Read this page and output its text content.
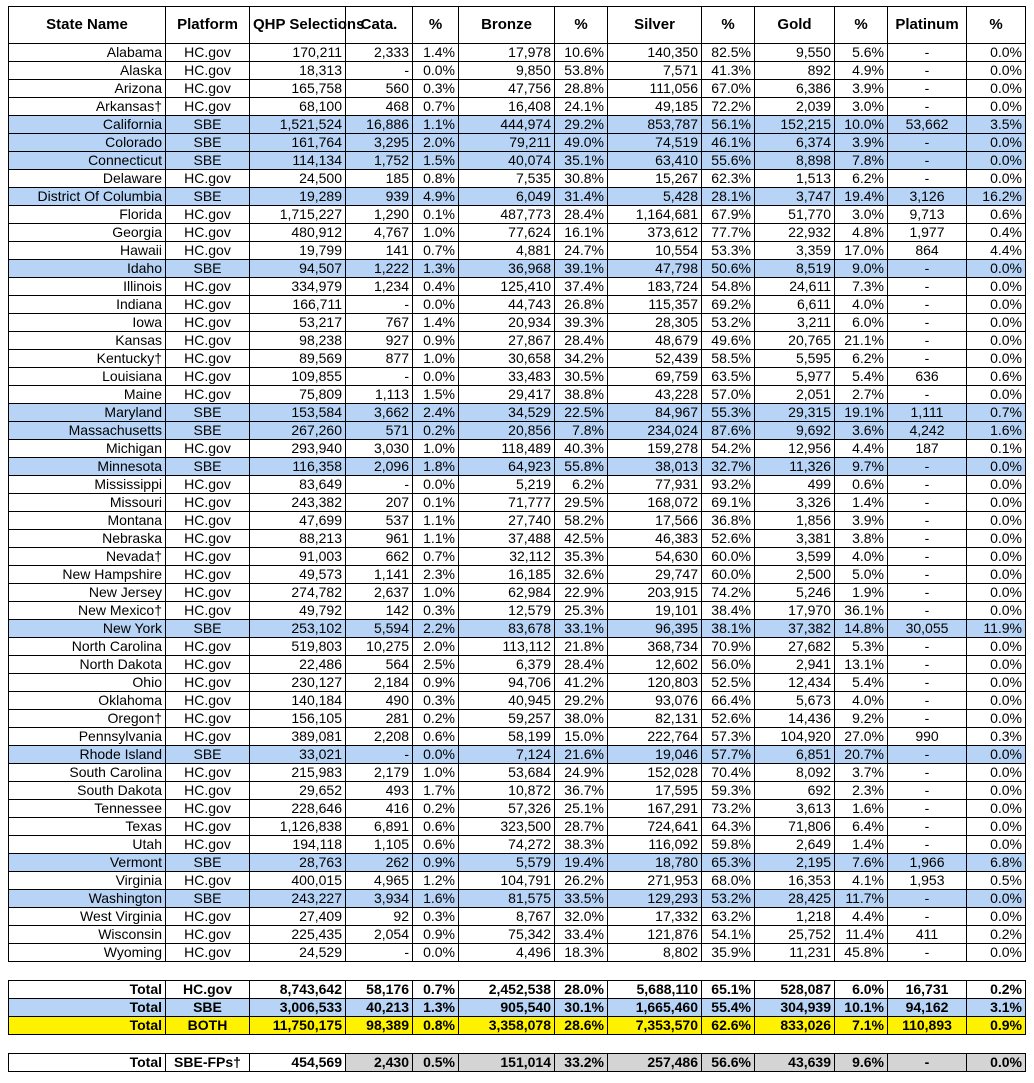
State Name	Platform	QHP Selections	Cata.	%	Bronze	%	Silver	%	Gold	%	Platinum	%
Alabama	HC.gov	170,211	2,333	1.4%	17,978	10.6%	140,350	82.5%	9,550	5.6%	-	0.0%
Alaska	HC.gov	18,313	-	0.0%	9,850	53.8%	7,571	41.3%	892	4.9%	-	0.0%
Arizona	HC.gov	165,758	560	0.3%	47,756	28.8%	111,056	67.0%	6,386	3.9%	-	0.0%
Arkansas†	HC.gov	68,100	468	0.7%	16,408	24.1%	49,185	72.2%	2,039	3.0%	-	0.0%
California	SBE	1,521,524	16,886	1.1%	444,974	29.2%	853,787	56.1%	152,215	10.0%	53,662	3.5%
Colorado	SBE	161,764	3,295	2.0%	79,211	49.0%	74,519	46.1%	6,374	3.9%	-	0.0%
Connecticut	SBE	114,134	1,752	1.5%	40,074	35.1%	63,410	55.6%	8,898	7.8%	-	0.0%
Delaware	HC.gov	24,500	185	0.8%	7,535	30.8%	15,267	62.3%	1,513	6.2%	-	0.0%
District Of Columbia	SBE	19,289	939	4.9%	6,049	31.4%	5,428	28.1%	3,747	19.4%	3,126	16.2%
Florida	HC.gov	1,715,227	1,290	0.1%	487,773	28.4%	1,164,681	67.9%	51,770	3.0%	9,713	0.6%
Georgia	HC.gov	480,912	4,767	1.0%	77,624	16.1%	373,612	77.7%	22,932	4.8%	1,977	0.4%
Hawaii	HC.gov	19,799	141	0.7%	4,881	24.7%	10,554	53.3%	3,359	17.0%	864	4.4%
Idaho	SBE	94,507	1,222	1.3%	36,968	39.1%	47,798	50.6%	8,519	9.0%	-	0.0%
Illinois	HC.gov	334,979	1,234	0.4%	125,410	37.4%	183,724	54.8%	24,611	7.3%	-	0.0%
Indiana	HC.gov	166,711	-	0.0%	44,743	26.8%	115,357	69.2%	6,611	4.0%	-	0.0%
Iowa	HC.gov	53,217	767	1.4%	20,934	39.3%	28,305	53.2%	3,211	6.0%	-	0.0%
Kansas	HC.gov	98,238	927	0.9%	27,867	28.4%	48,679	49.6%	20,765	21.1%	-	0.0%
Kentucky†	HC.gov	89,569	877	1.0%	30,658	34.2%	52,439	58.5%	5,595	6.2%	-	0.0%
Louisiana	HC.gov	109,855	-	0.0%	33,483	30.5%	69,759	63.5%	5,977	5.4%	636	0.6%
Maine	HC.gov	75,809	1,113	1.5%	29,417	38.8%	43,228	57.0%	2,051	2.7%	-	0.0%
Maryland	SBE	153,584	3,662	2.4%	34,529	22.5%	84,967	55.3%	29,315	19.1%	1,111	0.7%
Massachusetts	SBE	267,260	571	0.2%	20,856	7.8%	234,024	87.6%	9,692	3.6%	4,242	1.6%
Michigan	HC.gov	293,940	3,030	1.0%	118,489	40.3%	159,278	54.2%	12,956	4.4%	187	0.1%
Minnesota	SBE	116,358	2,096	1.8%	64,923	55.8%	38,013	32.7%	11,326	9.7%	-	0.0%
Mississippi	HC.gov	83,649	-	0.0%	5,219	6.2%	77,931	93.2%	499	0.6%	-	0.0%
Missouri	HC.gov	243,382	207	0.1%	71,777	29.5%	168,072	69.1%	3,326	1.4%	-	0.0%
Montana	HC.gov	47,699	537	1.1%	27,740	58.2%	17,566	36.8%	1,856	3.9%	-	0.0%
Nebraska	HC.gov	88,213	961	1.1%	37,488	42.5%	46,383	52.6%	3,381	3.8%	-	0.0%
Nevada†	HC.gov	91,003	662	0.7%	32,112	35.3%	54,630	60.0%	3,599	4.0%	-	0.0%
New Hampshire	HC.gov	49,573	1,141	2.3%	16,185	32.6%	29,747	60.0%	2,500	5.0%	-	0.0%
New Jersey	HC.gov	274,782	2,637	1.0%	62,984	22.9%	203,915	74.2%	5,246	1.9%	-	0.0%
New Mexico†	HC.gov	49,792	142	0.3%	12,579	25.3%	19,101	38.4%	17,970	36.1%	-	0.0%
New York	SBE	253,102	5,594	2.2%	83,678	33.1%	96,395	38.1%	37,382	14.8%	30,055	11.9%
North Carolina	HC.gov	519,803	10,275	2.0%	113,112	21.8%	368,734	70.9%	27,682	5.3%	-	0.0%
North Dakota	HC.gov	22,486	564	2.5%	6,379	28.4%	12,602	56.0%	2,941	13.1%	-	0.0%
Ohio	HC.gov	230,127	2,184	0.9%	94,706	41.2%	120,803	52.5%	12,434	5.4%	-	0.0%
Oklahoma	HC.gov	140,184	490	0.3%	40,945	29.2%	93,076	66.4%	5,673	4.0%	-	0.0%
Oregon†	HC.gov	156,105	281	0.2%	59,257	38.0%	82,131	52.6%	14,436	9.2%	-	0.0%
Pennsylvania	HC.gov	389,081	2,208	0.6%	58,199	15.0%	222,764	57.3%	104,920	27.0%	990	0.3%
Rhode Island	SBE	33,021	-	0.0%	7,124	21.6%	19,046	57.7%	6,851	20.7%	-	0.0%
South Carolina	HC.gov	215,983	2,179	1.0%	53,684	24.9%	152,028	70.4%	8,092	3.7%	-	0.0%
South Dakota	HC.gov	29,652	493	1.7%	10,872	36.7%	17,595	59.3%	692	2.3%	-	0.0%
Tennessee	HC.gov	228,646	416	0.2%	57,326	25.1%	167,291	73.2%	3,613	1.6%	-	0.0%
Texas	HC.gov	1,126,838	6,891	0.6%	323,500	28.7%	724,641	64.3%	71,806	6.4%	-	0.0%
Utah	HC.gov	194,118	1,105	0.6%	74,272	38.3%	116,092	59.8%	2,649	1.4%	-	0.0%
Vermont	SBE	28,763	262	0.9%	5,579	19.4%	18,780	65.3%	2,195	7.6%	1,966	6.8%
Virginia	HC.gov	400,015	4,965	1.2%	104,791	26.2%	271,953	68.0%	16,353	4.1%	1,953	0.5%
Washington	SBE	243,227	3,934	1.6%	81,575	33.5%	129,293	53.2%	28,425	11.7%	-	0.0%
West Virginia	HC.gov	27,409	92	0.3%	8,767	32.0%	17,332	63.2%	1,218	4.4%	-	0.0%
Wisconsin	HC.gov	225,435	2,054	0.9%	75,342	33.4%	121,876	54.1%	25,752	11.4%	411	0.2%
Wyoming	HC.gov	24,529	-	0.0%	4,496	18.3%	8,802	35.9%	11,231	45.8%	-	0.0%

Total	HC.gov	8,743,642	58,176	0.7%	2,452,538	28.0%	5,688,110	65.1%	528,087	6.0%	16,731	0.2%
Total	SBE	3,006,533	40,213	1.3%	905,540	30.1%	1,665,460	55.4%	304,939	10.1%	94,162	3.1%
Total	BOTH	11,750,175	98,389	0.8%	3,358,078	28.6%	7,353,570	62.6%	833,026	7.1%	110,893	0.9%

Total	SBE-FPs†	454,569	2,430	0.5%	151,014	33.2%	257,486	56.6%	43,639	9.6%	-	0.0%
